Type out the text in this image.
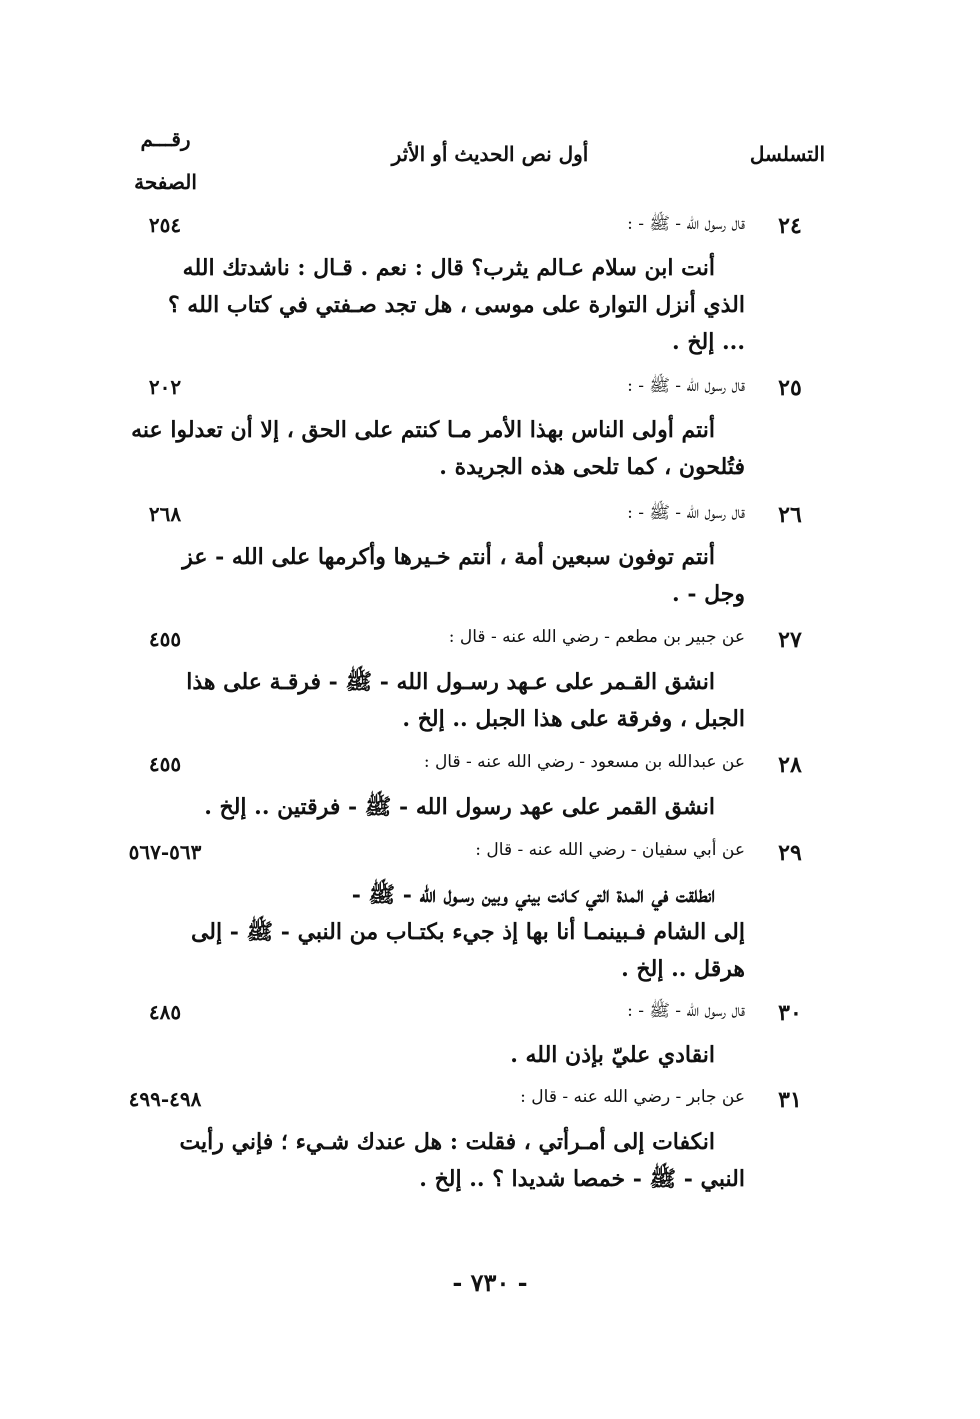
التسلسل
أول نص الحديث أو الأثر
رقـــم
الصفحة
٢٤
٢٥٤	قال رسول الله - ﷺ - :
أنت ابن سلام عـالم يثرب؟ قال : نعم . قـال : ناشدتك الله
الذي أنزل التوارة على موسى ، هل تجد صـفتي في كتاب الله ؟
... إلخ .
٢٥
٢٠٢	قال رسول الله - ﷺ - :
أنتم أولى الناس بهذا الأمر مـا كنتم على الحق ، إلا أن تعدلوا عنه
فتُلحون ، كما تلحى هذه الجريدة .
٢٦
٢٦٨	قال رسول الله - ﷺ - :
أنتم توفون سبعين أمة ، أنتم خـيرها وأكرمها على الله - عز
وجل - .
٢٧
٤٥٥	عن جبير بن مطعم - رضي الله عنه - قال :
انشق القـمر على عـهد رسـول الله - ﷺ - فرقـة على هذا
الجبل ، وفرقة على هذا الجبل .. إلخ .
٢٨
٤٥٥	عن عبدالله بن مسعود - رضي الله عنه - قال :
انشق القمر على عهد رسول الله - ﷺ - فرقتين .. إلخ .
٢٩
٥٦٣-٥٦٧	عن أبي سفيان - رضي الله عنه - قال :
انطلقت في المدة التي كـانت بيني وبين رسـول الله - ﷺ -
إلى الشام فـبينمـا أنا بها إذ جيء بكتـاب من النبي - ﷺ - إلى
هرقل .. إلخ .
٣٠
٤٨٥	قال رسول الله - ﷺ - :
انقادي عليّ بإذن الله .
٣١
٤٩٨-٤٩٩	عن جابر - رضي الله عنه - قال :
انكفات إلى أمـرأتي ، فقلت : هل عندك شـيء ؛ فإني رأيت
النبي - ﷺ - خمصا شديدا ؟ .. إلخ .
- ٧٣٠ -
